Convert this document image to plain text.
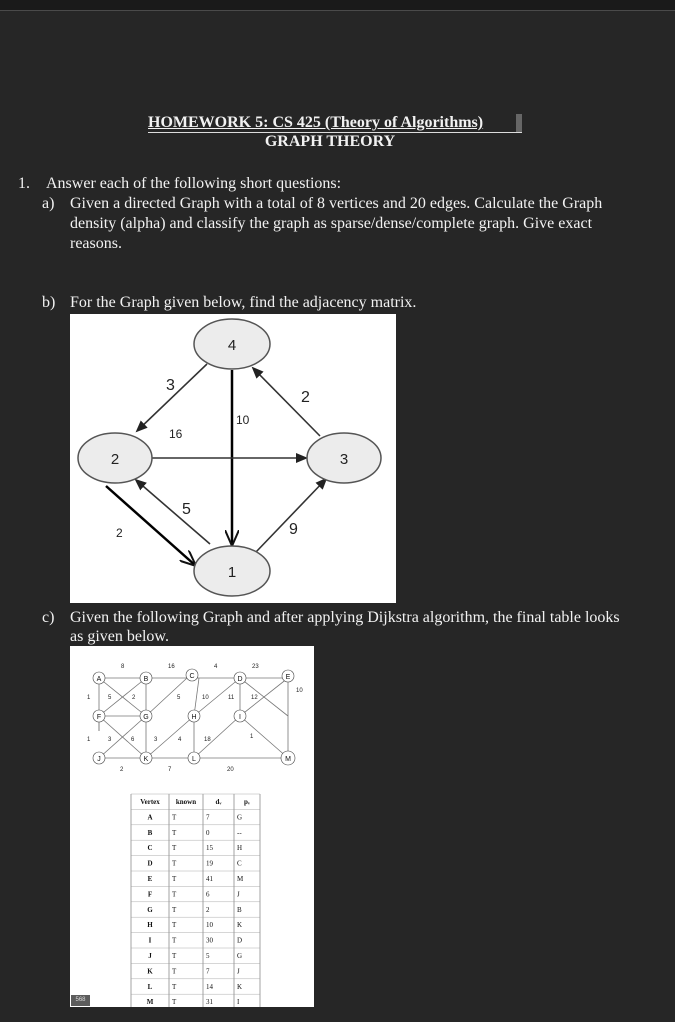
HOMEWORK 5: CS 425 (Theory of Algorithms)
GRAPH THEORY
1. Answer each of the following short questions:
a) Given a directed Graph with a total of 8 vertices and 20 edges. Calculate the Graph
density (alpha) and classify the graph as sparse/dense/complete graph. Give exact
reasons.
b) For the Graph given below, find the adjacency matrix.
4
2	3
1
3
16
10
2
5
2	9
c) Given the following Graph and after applying Dijkstra algorithm, the final table looks
as given below.
A	B	C	D	E
F	G	H	I
J	K	L	M
8	16	4	23
1	5	2	5	10	11	12
10
1	3	6	3	4	18	1
2	7	20
Vertex known	dᵥ	pᵥ
A	T	7	G
B	T	0	--
C	T	15	H
D	T	19	C
E	T	41	M
F	T	6	J
G	T	2	B
H	T	10	K
I	T	30	D
J	T	5	G
K	T	7	J
L	T	14	K
M	T	31	I
568
